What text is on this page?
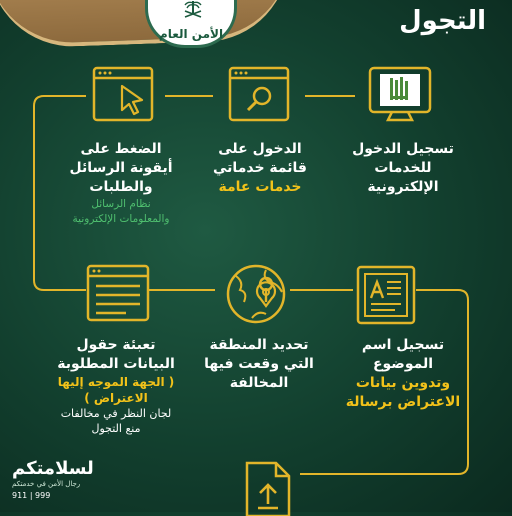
الأمن العام	التجول
تسجيل الدخول
للخدمات
الإلكترونية
الدخول على
قائمة خدماتي
خدمات عامة
الضغط على
أيقونة الرسائل
والطلبات
نظام الرسائل
والمعلومات الإلكترونية
تسجيل اسم
الموضوع
وتدوين بيانات
الاعتراض برسالة
تحديد المنطقة
التي وقعت فيها
المخالفة
تعبئة حقول
البيانات المطلوبة
( الجهة الموجه إليها
الاعتراض )
لجان النظر في مخالفات
منع التجول
لسلامتكم
رجال الأمن في خدمتكم
911 | 999
